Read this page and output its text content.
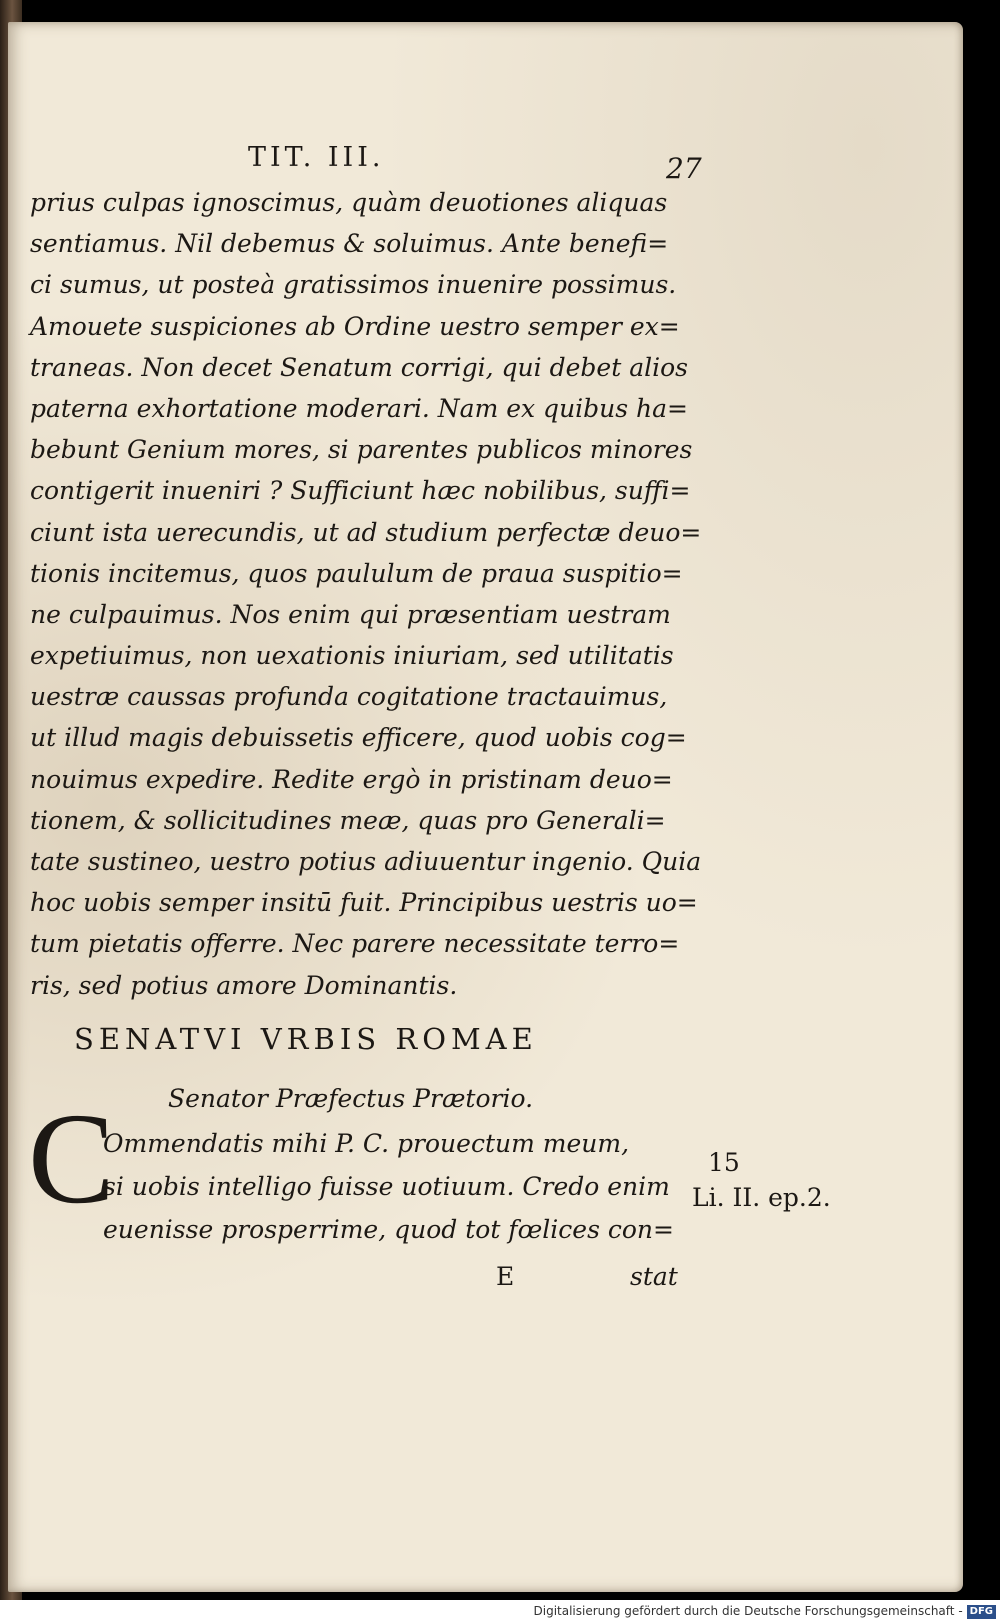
TIT. III.	27
prius culpas ignoscimus, quàm deuotiones aliquas
sentiamus. Nil debemus & soluimus. Ante benefi=
ci sumus, ut posteà gratissimos inuenire possimus.
Amouete suspiciones ab Ordine uestro semper ex=
traneas. Non decet Senatum corrigi, qui debet alios
paterna exhortatione moderari. Nam ex quibus ha=
bebunt Genium mores, si parentes publicos minores
contigerit inueniri ? Sufficiunt hæc nobilibus, suffi=
ciunt ista uerecundis, ut ad studium perfectæ deuo=
tionis incitemus, quos paululum de praua suspitio=
ne culpauimus. Nos enim qui præsentiam uestram
expetiuimus, non uexationis iniuriam, sed utilitatis
uestræ caussas profunda cogitatione tractauimus,
ut illud magis debuissetis efficere, quod uobis cog=
nouimus expedire. Redite ergò in pristinam deuo=
tionem, & sollicitudines meæ, quas pro Generali=
tate sustineo, uestro potius adiuuentur ingenio. Quia
hoc uobis semper insitū fuit. Principibus uestris uo=
tum pietatis offerre. Nec parere necessitate terro=
ris, sed potius amore Dominantis.
SENATVI VRBIS ROMAE
Senator Præfectus Prætorio.
C
Ommendatis mihi P. C. prouectum meum,
si uobis intelligo fuisse uotiuum. Credo enim
euenisse prosperrime, quod tot fœlices con=
15
Li. II. ep.2.
E	stat
Digitalisierung gefördert durch die Deutsche Forschungsgemeinschaft - DFG
